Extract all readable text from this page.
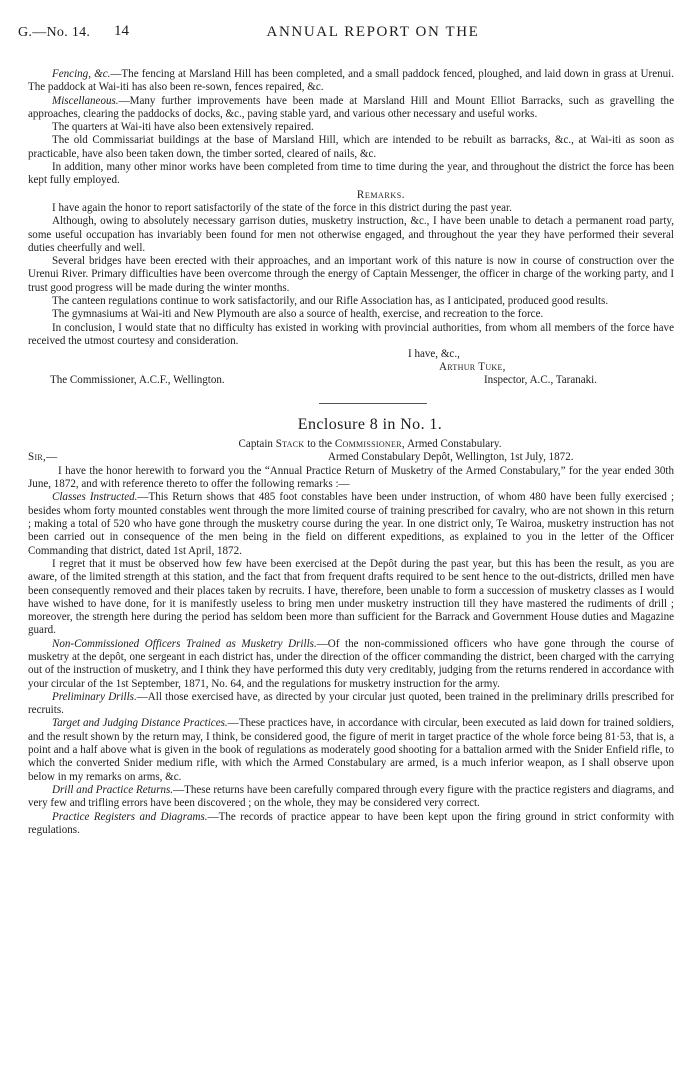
G.—No. 14. 14	ANNUAL REPORT ON THE

Fencing, &c.—The fencing at Marsland Hill has been completed, and a small paddock fenced, ploughed, and laid down in grass at Urenui. The paddock at Wai-iti has also been re-sown, fences repaired, &c.

Miscellaneous.—Many further improvements have been made at Marsland Hill and Mount Elliot Barracks, such as gravelling the approaches, clearing the paddocks of docks, &c., paving stable yard, and various other necessary and useful works.

The quarters at Wai-iti have also been extensively repaired.

The old Commissariat buildings at the base of Marsland Hill, which are intended to be rebuilt as barracks, &c., at Wai-iti as soon as practicable, have also been taken down, the timber sorted, cleared of nails, &c.

In addition, many other minor works have been completed from time to time during the year, and throughout the district the force has been kept fully employed.

Remarks.

I have again the honor to report satisfactorily of the state of the force in this district during the past year.

Although, owing to absolutely necessary garrison duties, musketry instruction, &c., I have been unable to detach a permanent road party, some useful occupation has invariably been found for men not otherwise engaged, and throughout the year they have performed their several duties cheerfully and well.

Several bridges have been erected with their approaches, and an important work of this nature is now in course of construction over the Urenui River. Primary difficulties have been overcome through the energy of Captain Messenger, the officer in charge of the working party, and I trust good progress will be made during the winter months.

The canteen regulations continue to work satisfactorily, and our Rifle Association has, as I anticipated, produced good results.

The gymnasiums at Wai-iti and New Plymouth are also a source of health, exercise, and recreation to the force.

In conclusion, I would state that no difficulty has existed in working with provincial authorities, from whom all members of the force have received the utmost courtesy and consideration.

I have, &c.,
Arthur Tuke,
The Commissioner, A.C.F., Wellington.	Inspector, A.C., Taranaki.
Enclosure 8 in No. 1.
Captain Stack to the Commissioner, Armed Constabulary.
Sir,—	Armed Constabulary Depôt, Wellington, 1st July, 1872.

I have the honor herewith to forward you the “Annual Practice Return of Musketry of the Armed Constabulary,” for the year ended 30th June, 1872, and with reference thereto to offer the following remarks :—

Classes Instructed.—This Return shows that 485 foot constables have been under instruction, of whom 480 have been fully exercised ; besides whom forty mounted constables went through the more limited course of training prescribed for cavalry, who are not shown in this return ; making a total of 520 who have gone through the musketry course during the year. In one district only, Te Wairoa, musketry instruction has not been carried out in consequence of the men being in the field on different expeditions, as explained to you in the letter of the Officer Commanding that district, dated 1st April, 1872.

I regret that it must be observed how few have been exercised at the Depôt during the past year, but this has been the result, as you are aware, of the limited strength at this station, and the fact that from frequent drafts required to be sent hence to the out-districts, drilled men have been consequently removed and their places taken by recruits. I have, therefore, been unable to form a succession of musketry classes as I would have wished to have done, for it is manifestly useless to bring men under musketry instruction till they have mastered the rudiments of drill ; moreover, the strength here during the period has seldom been more than sufficient for the Barrack and Government House duties and Magazine guard.

Non-Commissioned Officers Trained as Musketry Drills.—Of the non-commissioned officers who have gone through the course of musketry at the depôt, one sergeant in each district has, under the direction of the officer commanding the district, been charged with the carrying out of the instruction of musketry, and I think they have performed this duty very creditably, judging from the returns rendered in accordance with your circular of the 1st September, 1871, No. 64, and the regulations for musketry instruction for the army.

Preliminary Drills.—All those exercised have, as directed by your circular just quoted, been trained in the preliminary drills prescribed for recruits.

Target and Judging Distance Practices.—These practices have, in accordance with circular, been executed as laid down for trained soldiers, and the result shown by the return may, I think, be considered good, the figure of merit in target practice of the whole force being 81·53, that is, a point and a half above what is given in the book of regulations as moderately good shooting for a battalion armed with the Snider Enfield rifle, to which the converted Snider medium rifle, with which the Armed Constabulary are armed, is a much inferior weapon, as I shall observe upon below in my remarks on arms, &c.

Drill and Practice Returns.—These returns have been carefully compared through every figure with the practice registers and diagrams, and very few and trifling errors have been discovered ; on the whole, they may be considered very correct.

Practice Registers and Diagrams.—The records of practice appear to have been kept upon the firing ground in strict conformity with regulations.
